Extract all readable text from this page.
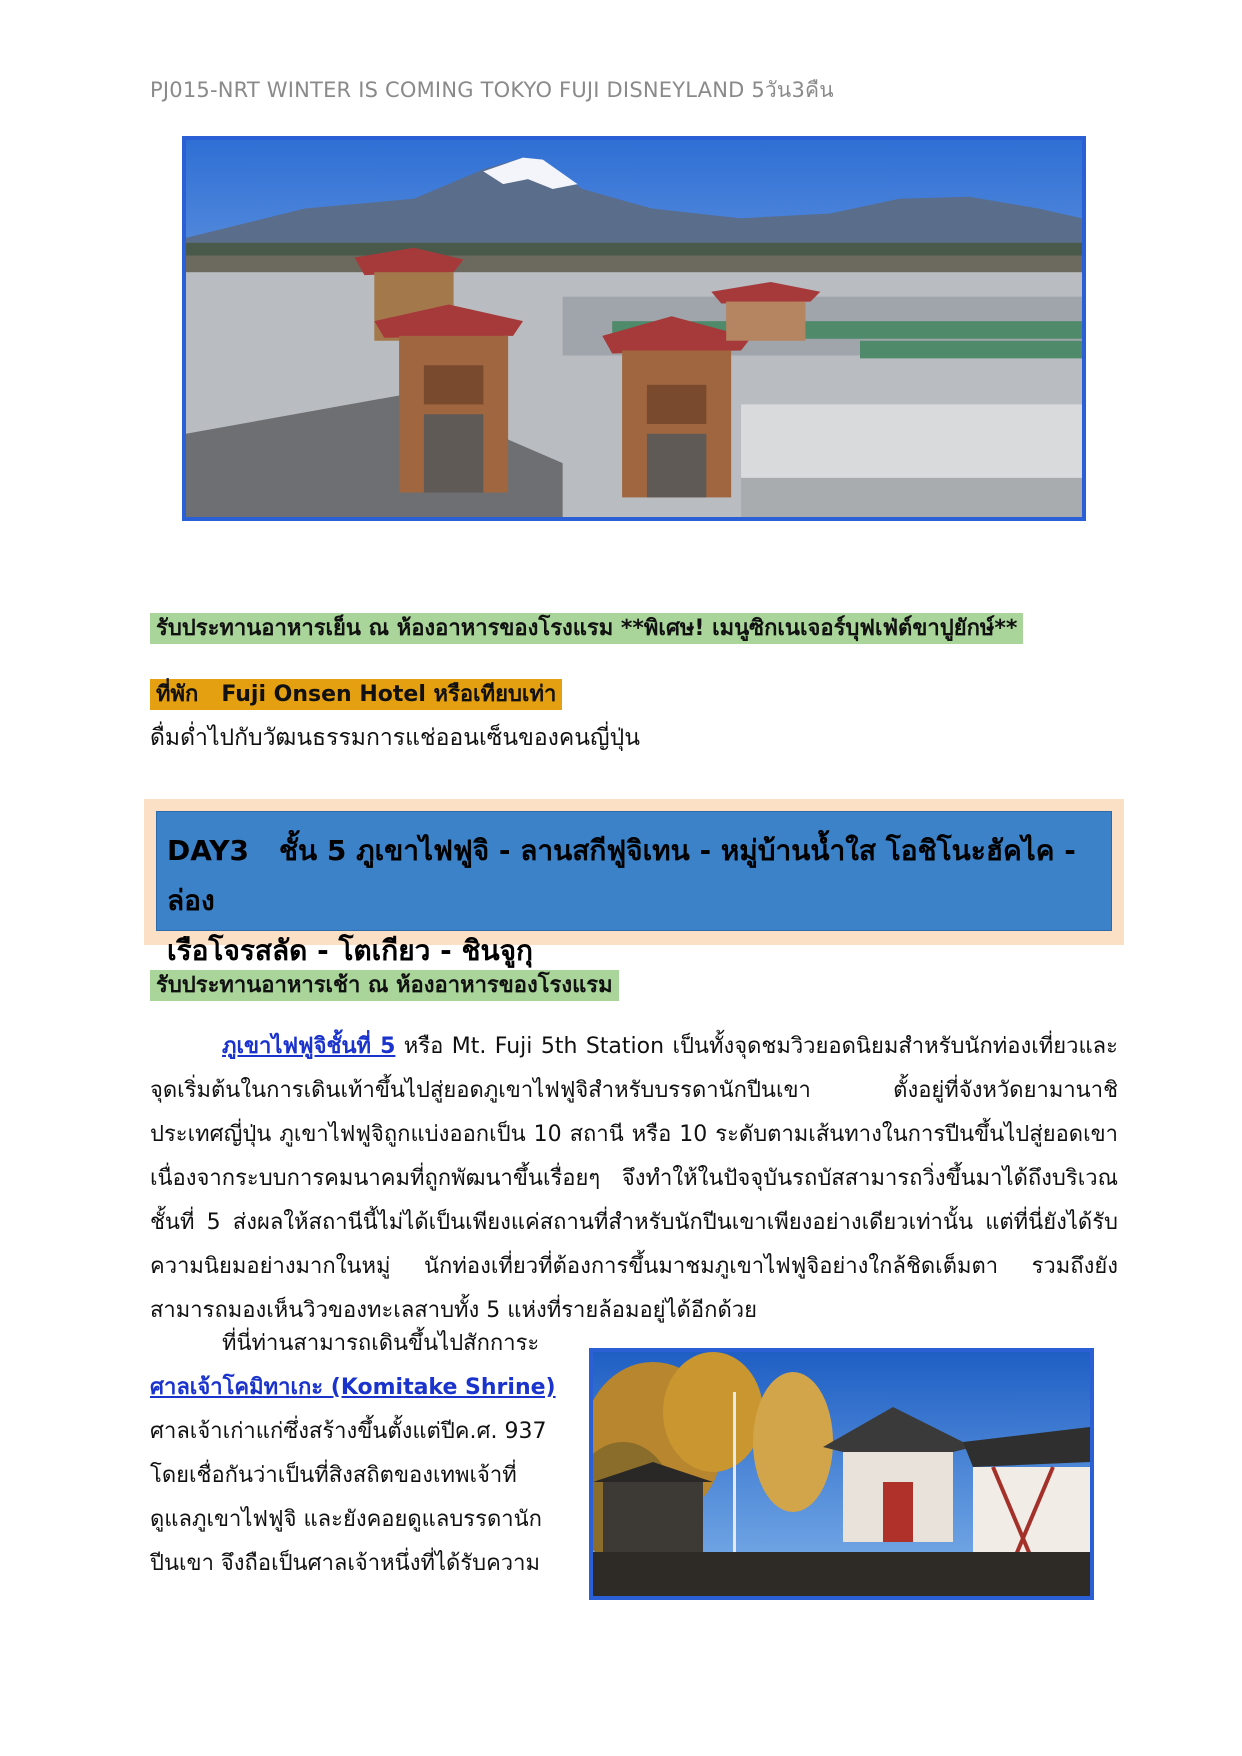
PJ015-NRT WINTER IS COMING TOKYO FUJI DISNEYLAND 5วัน3คืน
รับประทานอาหารเย็น ณ ห้องอาหารของโรงแรม **พิเศษ! เมนูซิกเนเจอร์บุฟเฟ่ต์ขาปูยักษ์**
ที่พัก Fuji Onsen Hotel หรือเทียบเท่า
ดื่มด่ำไปกับวัฒนธรรมการแช่ออนเซ็นของคนญี่ปุ่น

DAY3 ชั้น 5 ภูเขาไฟฟูจิ - ลานสกีฟูจิเทน - หมู่บ้านน้ำใส โอชิโนะฮัคไค - ล่อง

เรือโจรสลัด - โตเกียว - ชินจูกุ

รับประทานอาหารเช้า ณ ห้องอาหารของโรงแรม

ภูเขาไฟฟูจิชั้นที่ 5 หรือ Mt. Fuji 5th Station เป็นทั้งจุดชมวิวยอดนิยมสำหรับนักท่องเที่ยวและจุดเริ่มต้นในการเดินเท้าขึ้นไปสู่ยอดภูเขาไฟฟูจิสำหรับบรรดานักปีนเขา ตั้งอยู่ที่จังหวัดยามานาชิ ประเทศญี่ปุ่น ภูเขาไฟฟูจิถูกแบ่งออกเป็น 10 สถานี หรือ 10 ระดับตามเส้นทางในการปีนขึ้นไปสู่ยอดเขา เนื่องจากระบบการคมนาคมที่ถูกพัฒนาขึ้นเรื่อยๆ จึงทำให้ในปัจจุบันรถบัสสามารถวิ่งขึ้นมาได้ถึงบริเวณชั้นที่ 5 ส่งผลให้สถานีนี้ไม่ได้เป็นเพียงแค่สถานที่สำหรับนักปีนเขาเพียงอย่างเดียวเท่านั้น แต่ที่นี่ยังได้รับความนิยมอย่างมากในหมู่ นักท่องเที่ยวที่ต้องการขึ้นมาชมภูเขาไฟฟูจิอย่างใกล้ชิดเต็มตา รวมถึงยังสามารถมองเห็นวิวของทะเลสาบทั้ง 5 แห่งที่รายล้อมอยู่ได้อีกด้วย

ที่นี่ท่านสามารถเดินขึ้นไปสักการะ
ศาลเจ้าโคมิทาเกะ (Komitake Shrine)
ศาลเจ้าเก่าแก่ซึ่งสร้างขึ้นตั้งแต่ปีค.ศ. 937
โดยเชื่อกันว่าเป็นที่สิงสถิตของเทพเจ้าที่
ดูแลภูเขาไฟฟูจิ และยังคอยดูแลบรรดานัก
ปีนเขา จึงถือเป็นศาลเจ้าหนึ่งที่ได้รับความ
